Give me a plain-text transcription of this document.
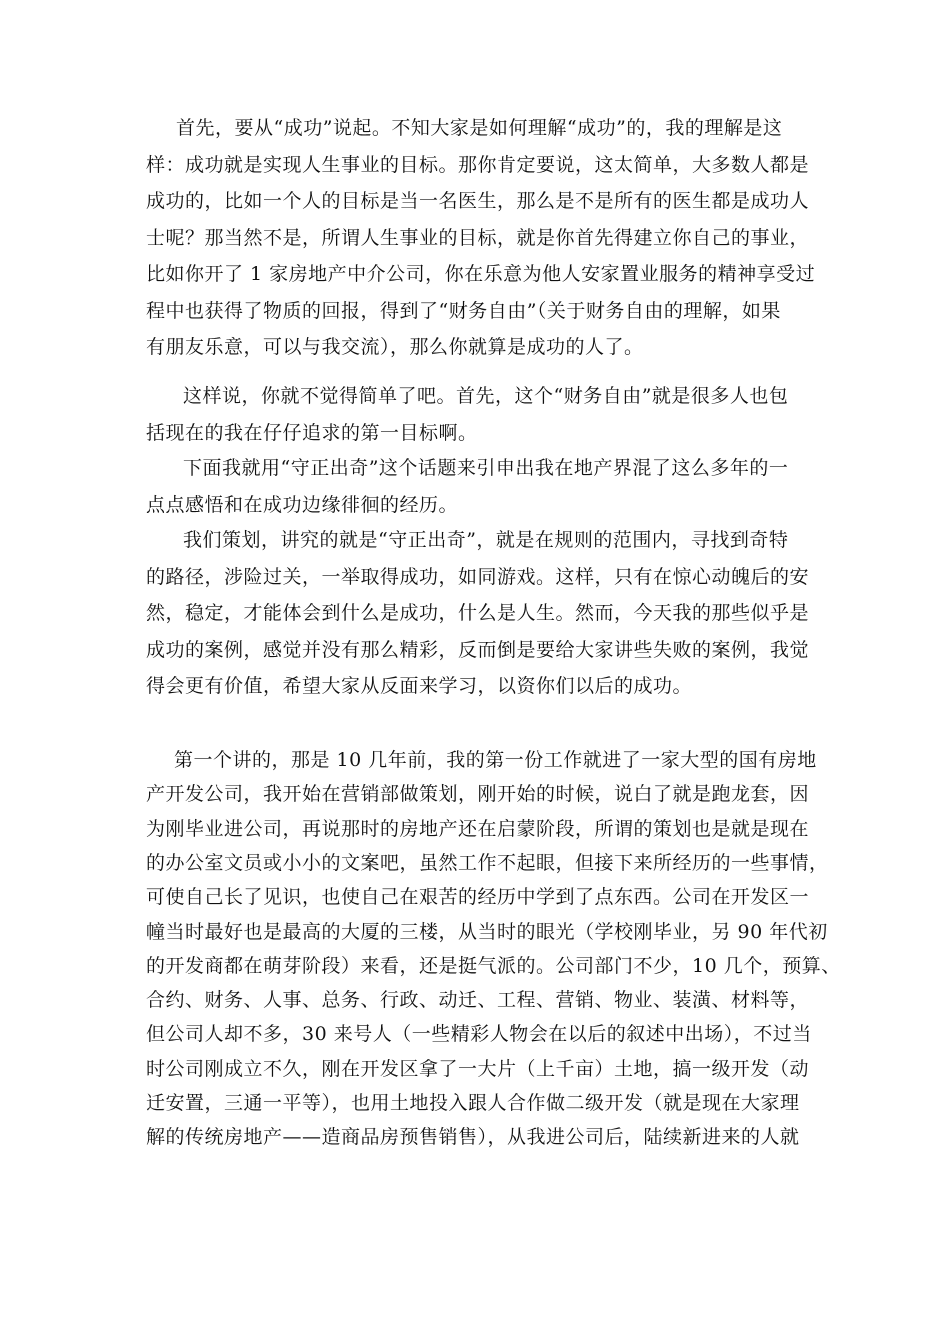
首先，要从“成功”说起。不知大家是如何理解“成功”的，我的理解是这
样：成功就是实现人生事业的目标。那你肯定要说，这太简单，大多数人都是
成功的，比如一个人的目标是当一名医生，那么是不是所有的医生都是成功人
士呢？那当然不是，所谓人生事业的目标，就是你首先得建立你自己的事业，
比如你开了 1 家房地产中介公司，你在乐意为他人安家置业服务的精神享受过
程中也获得了物质的回报，得到了“财务自由”（关于财务自由的理解，如果
有朋友乐意，可以与我交流），那么你就算是成功的人了。
这样说，你就不觉得简单了吧。首先，这个“财务自由”就是很多人也包
括现在的我在仔仔追求的第一目标啊。
下面我就用“守正出奇”这个话题来引申出我在地产界混了这么多年的一
点点感悟和在成功边缘徘徊的经历。
我们策划，讲究的就是“守正出奇”，就是在规则的范围内，寻找到奇特
的路径，涉险过关，一举取得成功，如同游戏。这样，只有在惊心动魄后的安
然，稳定，才能体会到什么是成功，什么是人生。然而，今天我的那些似乎是
成功的案例，感觉并没有那么精彩，反而倒是要给大家讲些失败的案例，我觉
得会更有价值，希望大家从反面来学习，以资你们以后的成功。
第一个讲的，那是 10 几年前，我的第一份工作就进了一家大型的国有房地
产开发公司，我开始在营销部做策划，刚开始的时候，说白了就是跑龙套，因
为刚毕业进公司，再说那时的房地产还在启蒙阶段，所谓的策划也是就是现在
的办公室文员或小小的文案吧，虽然工作不起眼，但接下来所经历的一些事情，
可使自己长了见识，也使自己在艰苦的经历中学到了点东西。公司在开发区一
幢当时最好也是最高的大厦的三楼，从当时的眼光（学校刚毕业，另 90 年代初
的开发商都在萌芽阶段）来看，还是挺气派的。公司部门不少，10 几个，预算、
合约、财务、人事、总务、行政、动迁、工程、营销、物业、装潢、材料等，
但公司人却不多，30 来号人（一些精彩人物会在以后的叙述中出场），不过当
时公司刚成立不久，刚在开发区拿了一大片（上千亩）土地，搞一级开发（动
迁安置，三通一平等），也用土地投入跟人合作做二级开发（就是现在大家理
解的传统房地产——造商品房预售销售），从我进公司后，陆续新进来的人就
